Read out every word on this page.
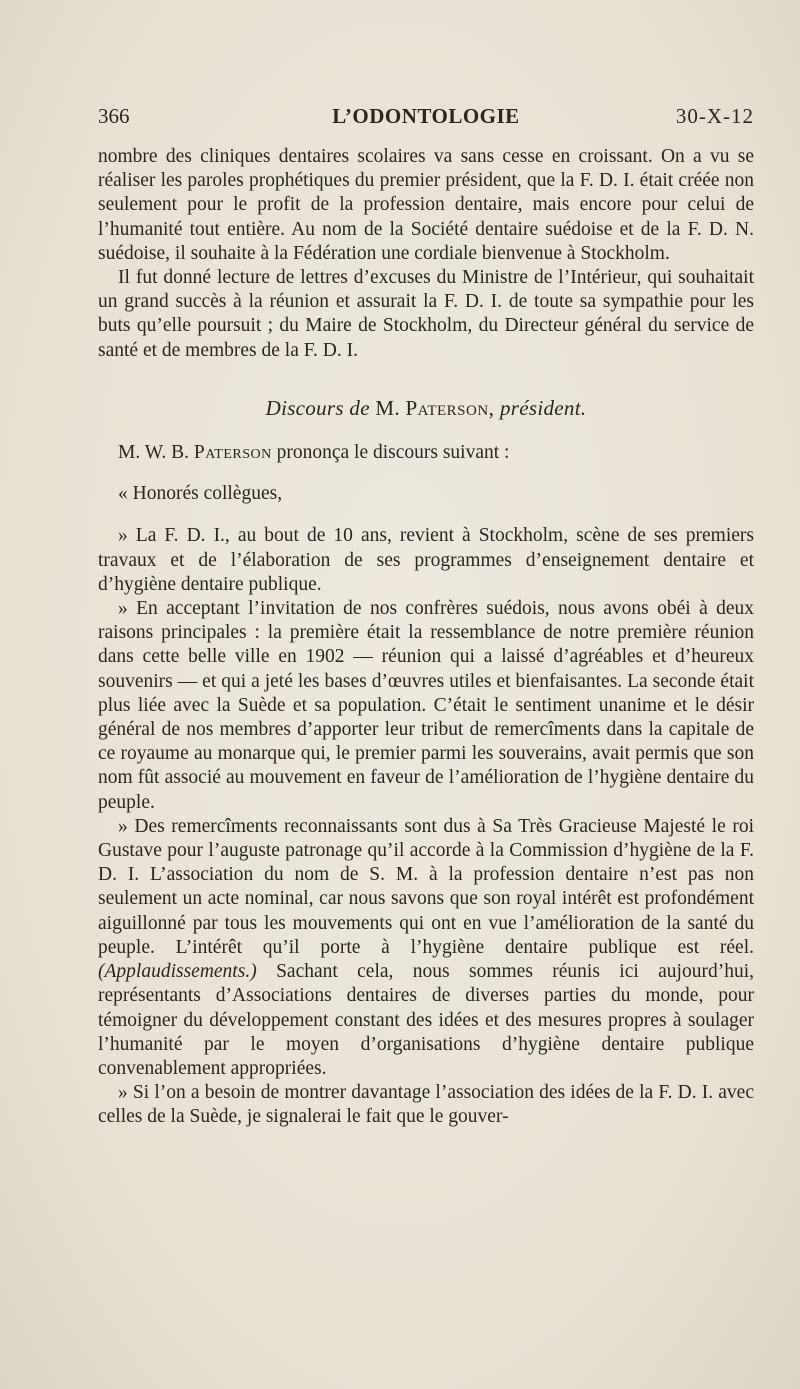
366	L’ODONTOLOGIE	30-X-12

nombre des cliniques dentaires scolaires va sans cesse en croissant. On a vu se réaliser les paroles prophétiques du premier président, que la F. D. I. était créée non seulement pour le profit de la profession dentaire, mais encore pour celui de l’humanité tout entière. Au nom de la Société dentaire suédoise et de la F. D. N. suédoise, il souhaite à la Fédération une cordiale bienvenue à Stockholm.

Il fut donné lecture de lettres d’excuses du Ministre de l’Intérieur, qui souhaitait un grand succès à la réunion et assurait la F. D. I. de toute sa sympathie pour les buts qu’elle poursuit ; du Maire de Stockholm, du Directeur général du service de santé et de membres de la F. D. I.

Discours de M. Paterson, président.

M. W. B. Paterson prononça le discours suivant :

« Honorés collègues,

» La F. D. I., au bout de 10 ans, revient à Stockholm, scène de ses premiers travaux et de l’élaboration de ses programmes d’enseignement dentaire et d’hygiène dentaire publique.

» En acceptant l’invitation de nos confrères suédois, nous avons obéi à deux raisons principales : la première était la ressemblance de notre première réunion dans cette belle ville en 1902 — réunion qui a laissé d’agréables et d’heureux souvenirs — et qui a jeté les bases d’œuvres utiles et bienfaisantes. La seconde était plus liée avec la Suède et sa population. C’était le sentiment unanime et le désir général de nos membres d’apporter leur tribut de remercîments dans la capitale de ce royaume au monarque qui, le premier parmi les souverains, avait permis que son nom fût associé au mouvement en faveur de l’amélioration de l’hygiène dentaire du peuple.

» Des remercîments reconnaissants sont dus à Sa Très Gracieuse Majesté le roi Gustave pour l’auguste patronage qu’il accorde à la Commission d’hygiène de la F. D. I. L’association du nom de S. M. à la profession dentaire n’est pas non seulement un acte nominal, car nous savons que son royal intérêt est profondément aiguillonné par tous les mouvements qui ont en vue l’amélioration de la santé du peuple. L’intérêt qu’il porte à l’hygiène dentaire publique est réel. (Applaudissements.) Sachant cela, nous sommes réunis ici aujourd’hui, représentants d’Associations dentaires de diverses parties du monde, pour témoigner du développement constant des idées et des mesures propres à soulager l’humanité par le moyen d’organisations d’hygiène dentaire publique convenablement appropriées.

» Si l’on a besoin de montrer davantage l’association des idées de la F. D. I. avec celles de la Suède, je signalerai le fait que le gouver-
